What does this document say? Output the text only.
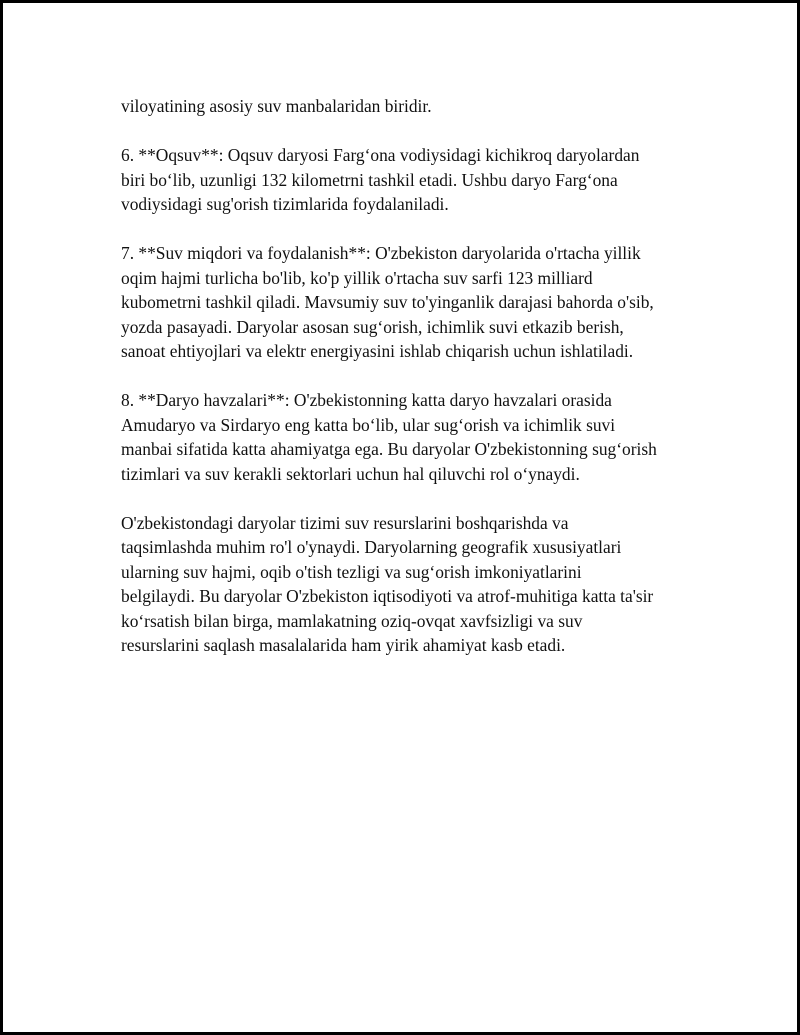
viloyatining asosiy suv manbalaridan biridir.

6. **Oqsuv**: Oqsuv daryosi Farg‘ona vodiysidagi kichikroq daryolardan
biri bo‘lib, uzunligi 132 kilometrni tashkil etadi. Ushbu daryo Farg‘ona
vodiysidagi sug'orish tizimlarida foydalaniladi.

7. **Suv miqdori va foydalanish**: O'zbekiston daryolarida o'rtacha yillik
oqim hajmi turlicha bo'lib, ko'p yillik o'rtacha suv sarfi 123 milliard
kubometrni tashkil qiladi. Mavsumiy suv to'yinganlik darajasi bahorda o'sib,
yozda pasayadi. Daryolar asosan sug‘orish, ichimlik suvi etkazib berish,
sanoat ehtiyojlari va elektr energiyasini ishlab chiqarish uchun ishlatiladi.

8. **Daryo havzalari**: O'zbekistonning katta daryo havzalari orasida
Amudaryo va Sirdaryo eng katta bo‘lib, ular sug‘orish va ichimlik suvi
manbai sifatida katta ahamiyatga ega. Bu daryolar O'zbekistonning sug‘orish
tizimlari va suv kerakli sektorlari uchun hal qiluvchi rol o‘ynaydi.

O'zbekistondagi daryolar tizimi suv resurslarini boshqarishda va
taqsimlashda muhim ro'l o'ynaydi. Daryolarning geografik xususiyatlari
ularning suv hajmi, oqib o'tish tezligi va sug‘orish imkoniyatlarini
belgilaydi. Bu daryolar O'zbekiston iqtisodiyoti va atrof-muhitiga katta ta'sir
ko‘rsatish bilan birga, mamlakatning oziq-ovqat xavfsizligi va suv
resurslarini saqlash masalalarida ham yirik ahamiyat kasb etadi.
